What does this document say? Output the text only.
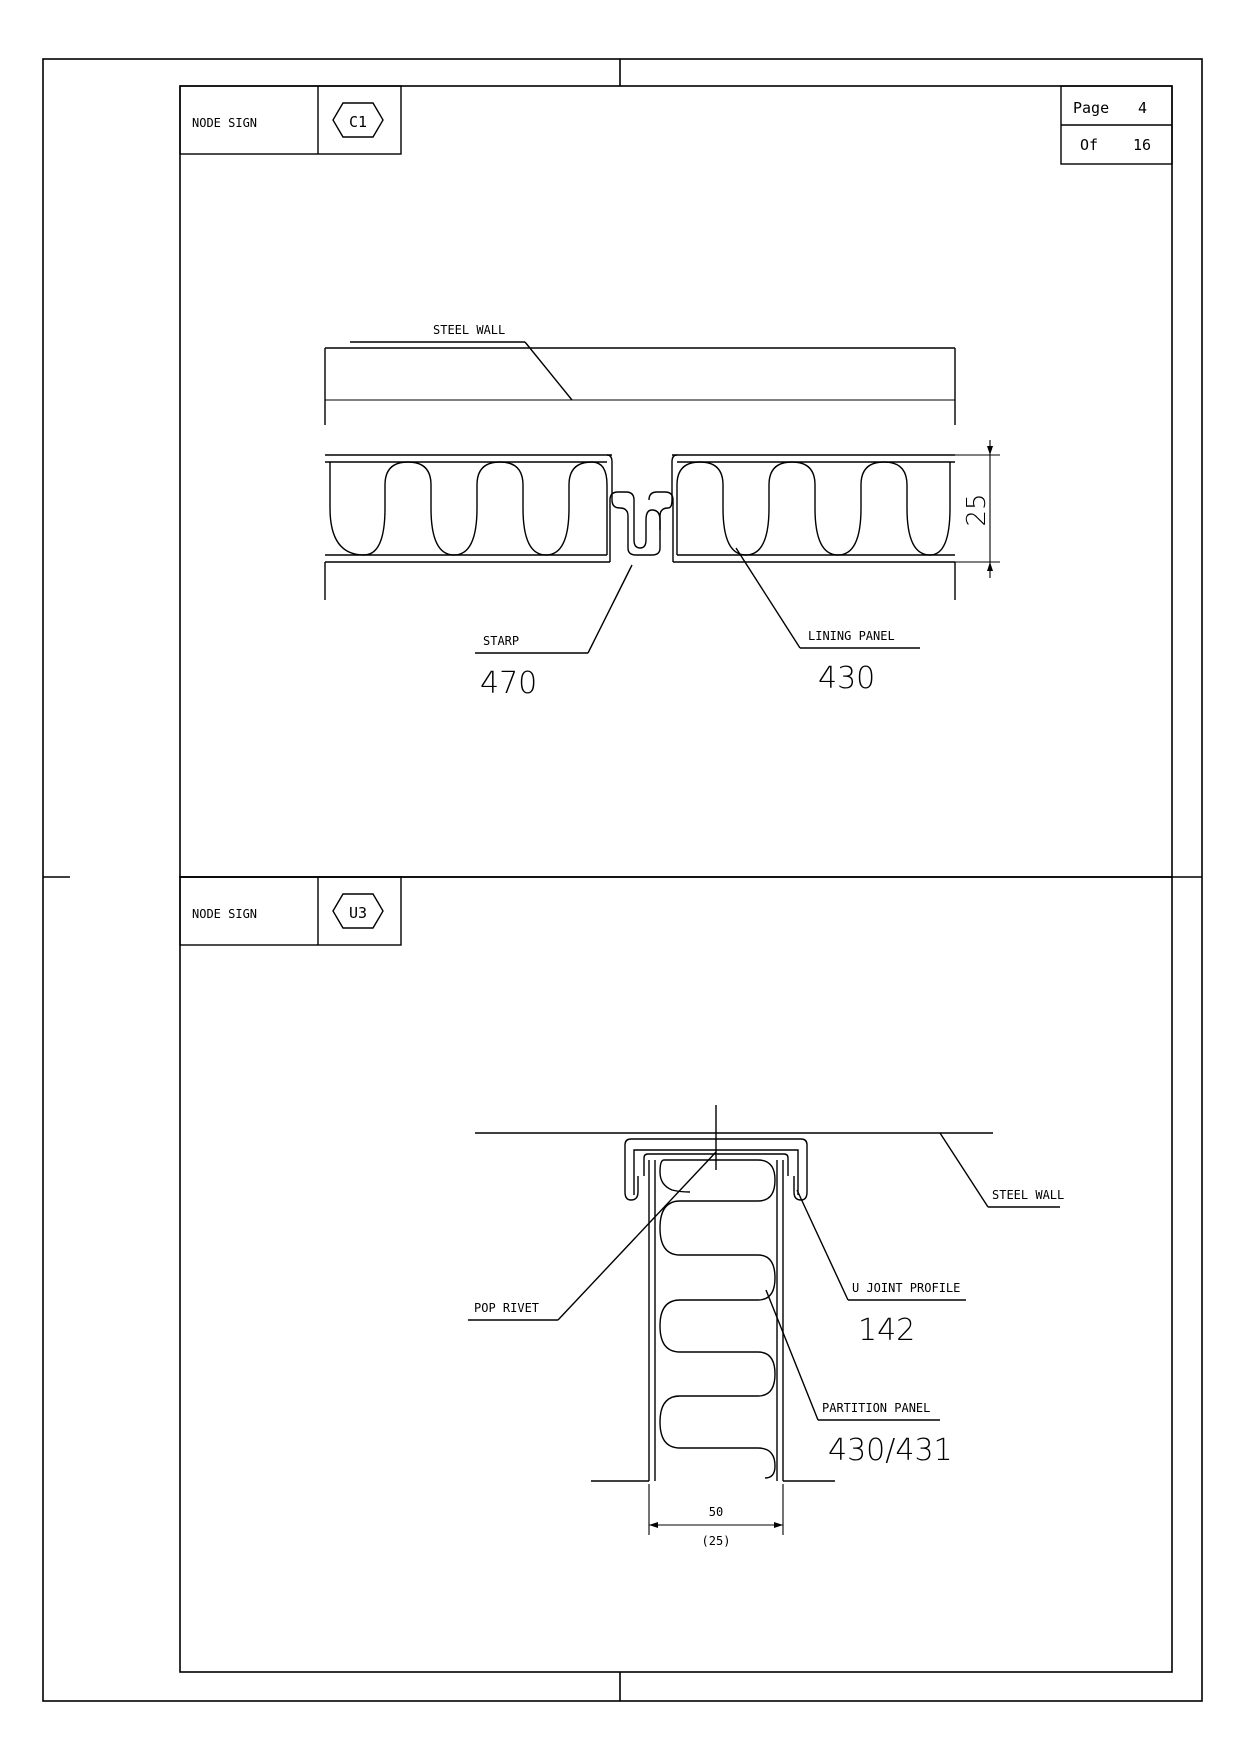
NODE SIGN	C1
Page 4
Of 16
STEEL WALL
25
STARP
470
LINING PANEL
430
NODE SIGN	U3
STEEL WALL
POP RIVET
U JOINT PROFILE
142
PARTITION PANEL
430/431
50
(25)
